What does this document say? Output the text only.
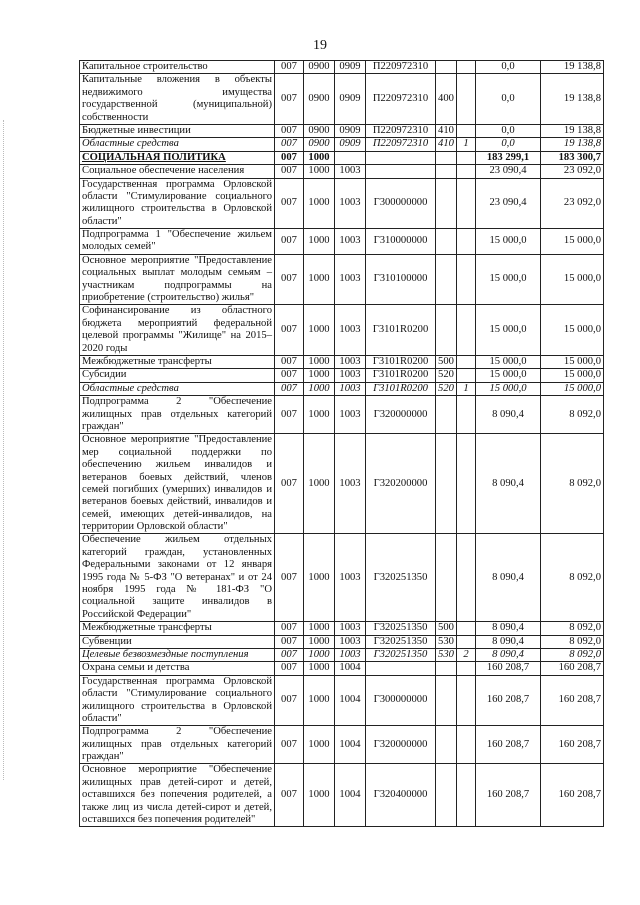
19
Капитальное строительство	007	0900	0909	П220972310			0,0	19 138,8
Капитальные вложения в объекты недвижимого имущества государственной (муниципальной) собственности	007	0900	0909	П220972310	400		0,0	19 138,8
Бюджетные инвестиции	007	0900	0909	П220972310	410		0,0	19 138,8
Областные средства	007	0900	0909	П220972310	410	1	0,0	19 138,8
СОЦИАЛЬНАЯ ПОЛИТИКА	007	1000					183 299,1	183 300,7
Социальное обеспечение населения	007	1000	1003				23 090,4	23 092,0
Государственная программа Орловской области "Стимулирование социального жилищного строительства в Орловской области"	007	1000	1003	Г300000000			23 090,4	23 092,0
Подпрограмма 1 "Обеспечение жильем молодых семей"	007	1000	1003	Г310000000			15 000,0	15 000,0
Основное мероприятие "Предоставление социальных выплат молодым семьям – участникам подпрограммы на приобретение (строительство) жилья"	007	1000	1003	Г310100000			15 000,0	15 000,0
Софинансирование из областного бюджета мероприятий федеральной целевой программы "Жилище" на 2015–2020 годы	007	1000	1003	Г3101R0200			15 000,0	15 000,0
Межбюджетные трансферты	007	1000	1003	Г3101R0200	500		15 000,0	15 000,0
Субсидии	007	1000	1003	Г3101R0200	520		15 000,0	15 000,0
Областные средства	007	1000	1003	Г3101R0200	520	1	15 000,0	15 000,0
Подпрограмма 2 "Обеспечение жилищных прав отдельных категорий граждан"	007	1000	1003	Г320000000			8 090,4	8 092,0
Основное мероприятие "Предоставление мер социальной поддержки по обеспечению жильем инвалидов и ветеранов боевых действий, членов семей погибших (умерших) инвалидов и ветеранов боевых действий, инвалидов и семей, имеющих детей-инвалидов, на территории Орловской области"	007	1000	1003	Г320200000			8 090,4	8 092,0
Обеспечение жильем отдельных категорий граждан, установленных Федеральными законами от 12 января 1995 года № 5-ФЗ "О ветеранах" и от 24 ноября 1995 года № 181-ФЗ "О социальной защите инвалидов в Российской Федерации"	007	1000	1003	Г320251350			8 090,4	8 092,0
Межбюджетные трансферты	007	1000	1003	Г320251350	500		8 090,4	8 092,0
Субвенции	007	1000	1003	Г320251350	530		8 090,4	8 092,0
Целевые безвозмездные поступления	007	1000	1003	Г320251350	530	2	8 090,4	8 092,0
Охрана семьи и детства	007	1000	1004				160 208,7	160 208,7
Государственная программа Орловской области "Стимулирование социального жилищного строительства в Орловской области"	007	1000	1004	Г300000000			160 208,7	160 208,7
Подпрограмма 2 "Обеспечение жилищных прав отдельных категорий граждан"	007	1000	1004	Г320000000			160 208,7	160 208,7
Основное мероприятие "Обеспечение жилищных прав детей-сирот и детей, оставшихся без попечения родителей, а также лиц из числа детей-сирот и детей, оставшихся без попечения родителей"	007	1000	1004	Г320400000			160 208,7	160 208,7
